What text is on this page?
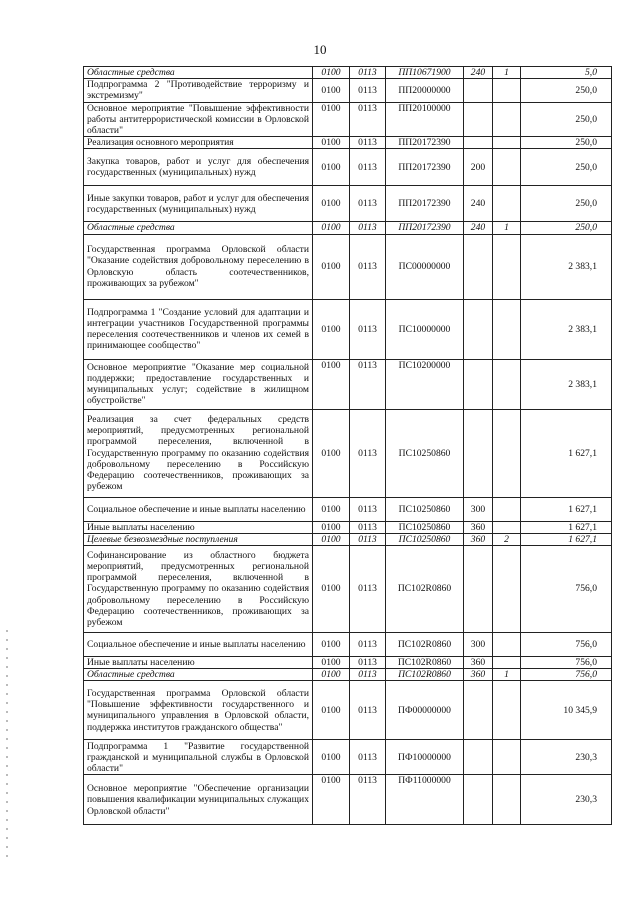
10
Областные средства	0100	0113	ПП10671900	240	1	5,0
Подпрограмма 2 "Противодействие терроризму и экстремизму"	0100	0113	ПП20000000			250,0
Основное мероприятие "Повышение эффективности работы антитеррористической комиссии в Орловской области"	0100	0113	ПП20100000			250,0
Реализация основного мероприятия	0100	0113	ПП20172390			250,0
Закупка товаров, работ и услуг для обеспечения государственных (муниципальных) нужд	0100	0113	ПП20172390	200		250,0
Иные закупки товаров, работ и услуг для обеспечения государственных (муниципальных) нужд	0100	0113	ПП20172390	240		250,0
Областные средства	0100	0113	ПП20172390	240	1	250,0
Государственная программа Орловской области "Оказание содействия добровольному переселению в Орловскую область соотечественников, проживающих за рубежом"	0100	0113	ПС00000000			2 383,1
Подпрограмма 1 "Создание условий для адаптации и интеграции участников Государственной программы переселения соотечественников и членов их семей в принимающее сообщество"	0100	0113	ПС10000000			2 383,1
Основное мероприятие "Оказание мер социальной поддержки; предоставление государственных и муниципальных услуг; содействие в жилищном обустройстве"	0100	0113	ПС10200000			2 383,1
Реализация за счет федеральных средств мероприятий, предусмотренных региональной программой переселения, включенной в Государственную программу по оказанию содействия добровольному переселению в Российскую Федерацию соотечественников, проживающих за рубежом	0100	0113	ПС10250860			1 627,1
Социальное обеспечение и иные выплаты населению	0100	0113	ПС10250860	300		1 627,1
Иные выплаты населению	0100	0113	ПС10250860	360		1 627,1
Целевые безвозмездные поступления	0100	0113	ПС10250860	360	2	1 627,1
Софинансирование из областного бюджета мероприятий, предусмотренных региональной программой переселения, включенной в Государственную программу по оказанию содействия добровольному переселению в Российскую Федерацию соотечественников, проживающих за рубежом	0100	0113	ПС102R0860			756,0
Социальное обеспечение и иные выплаты населению	0100	0113	ПС102R0860	300		756,0
Иные выплаты населению	0100	0113	ПС102R0860	360		756,0
Областные средства	0100	0113	ПС102R0860	360	1	756,0
Государственная программа Орловской области "Повышение эффективности государственного и муниципального управления в Орловской области, поддержка институтов гражданского общества"	0100	0113	ПФ00000000			10 345,9
Подпрограмма 1 "Развитие государственной гражданской и муниципальной службы в Орловской области"	0100	0113	ПФ10000000			230,3
Основное мероприятие "Обеспечение организации повышения квалификации муниципальных служащих Орловской области"	0100	0113	ПФ11000000			230,3
